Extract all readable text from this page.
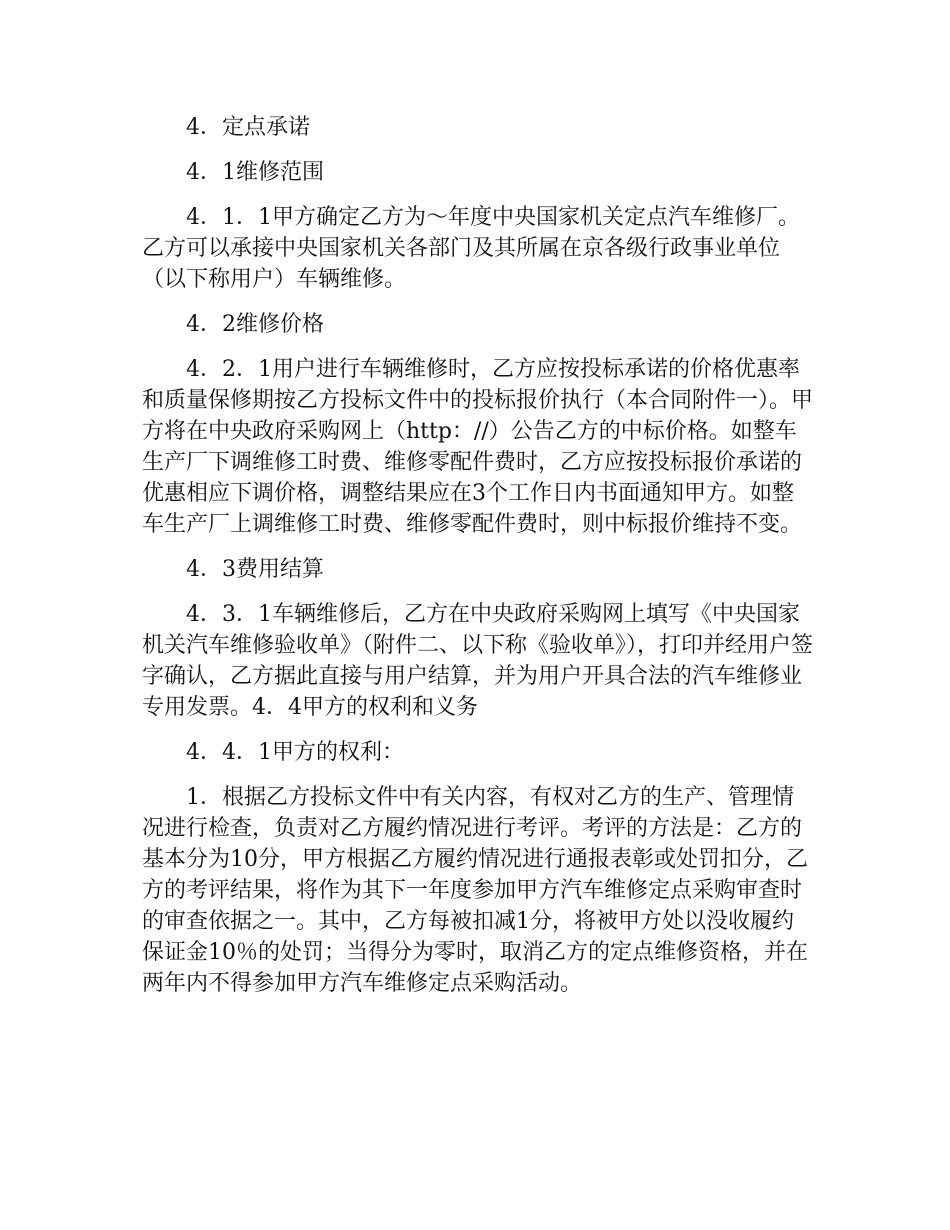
4．定点承诺

4．1维修范围

4．1．1甲方确定乙方为～年度中央国家机关定点汽车维修厂。乙方可以承接中央国家机关各部门及其所属在京各级行政事业单位（以下称用户）车辆维修。

4．2维修价格

4．2．1用户进行车辆维修时，乙方应按投标承诺的价格优惠率和质量保修期按乙方投标文件中的投标报价执行（本合同附件一）。甲方将在中央政府采购网上（http：//）公告乙方的中标价格。如整车生产厂下调维修工时费、维修零配件费时，乙方应按投标报价承诺的优惠相应下调价格，调整结果应在3个工作日内书面通知甲方。如整车生产厂上调维修工时费、维修零配件费时，则中标报价维持不变。

4．3费用结算

4．3．1车辆维修后，乙方在中央政府采购网上填写《中央国家机关汽车维修验收单》（附件二、以下称《验收单》），打印并经用户签字确认，乙方据此直接与用户结算，并为用户开具合法的汽车维修业专用发票。4．4甲方的权利和义务

4．4．1甲方的权利：

1．根据乙方投标文件中有关内容，有权对乙方的生产、管理情况进行检查，负责对乙方履约情况进行考评。考评的方法是：乙方的基本分为10分，甲方根据乙方履约情况进行通报表彰或处罚扣分，乙方的考评结果，将作为其下一年度参加甲方汽车维修定点采购审查时的审查依据之一。其中，乙方每被扣减1分，将被甲方处以没收履约保证金10％的处罚；当得分为零时，取消乙方的定点维修资格，并在两年内不得参加甲方汽车维修定点采购活动。
